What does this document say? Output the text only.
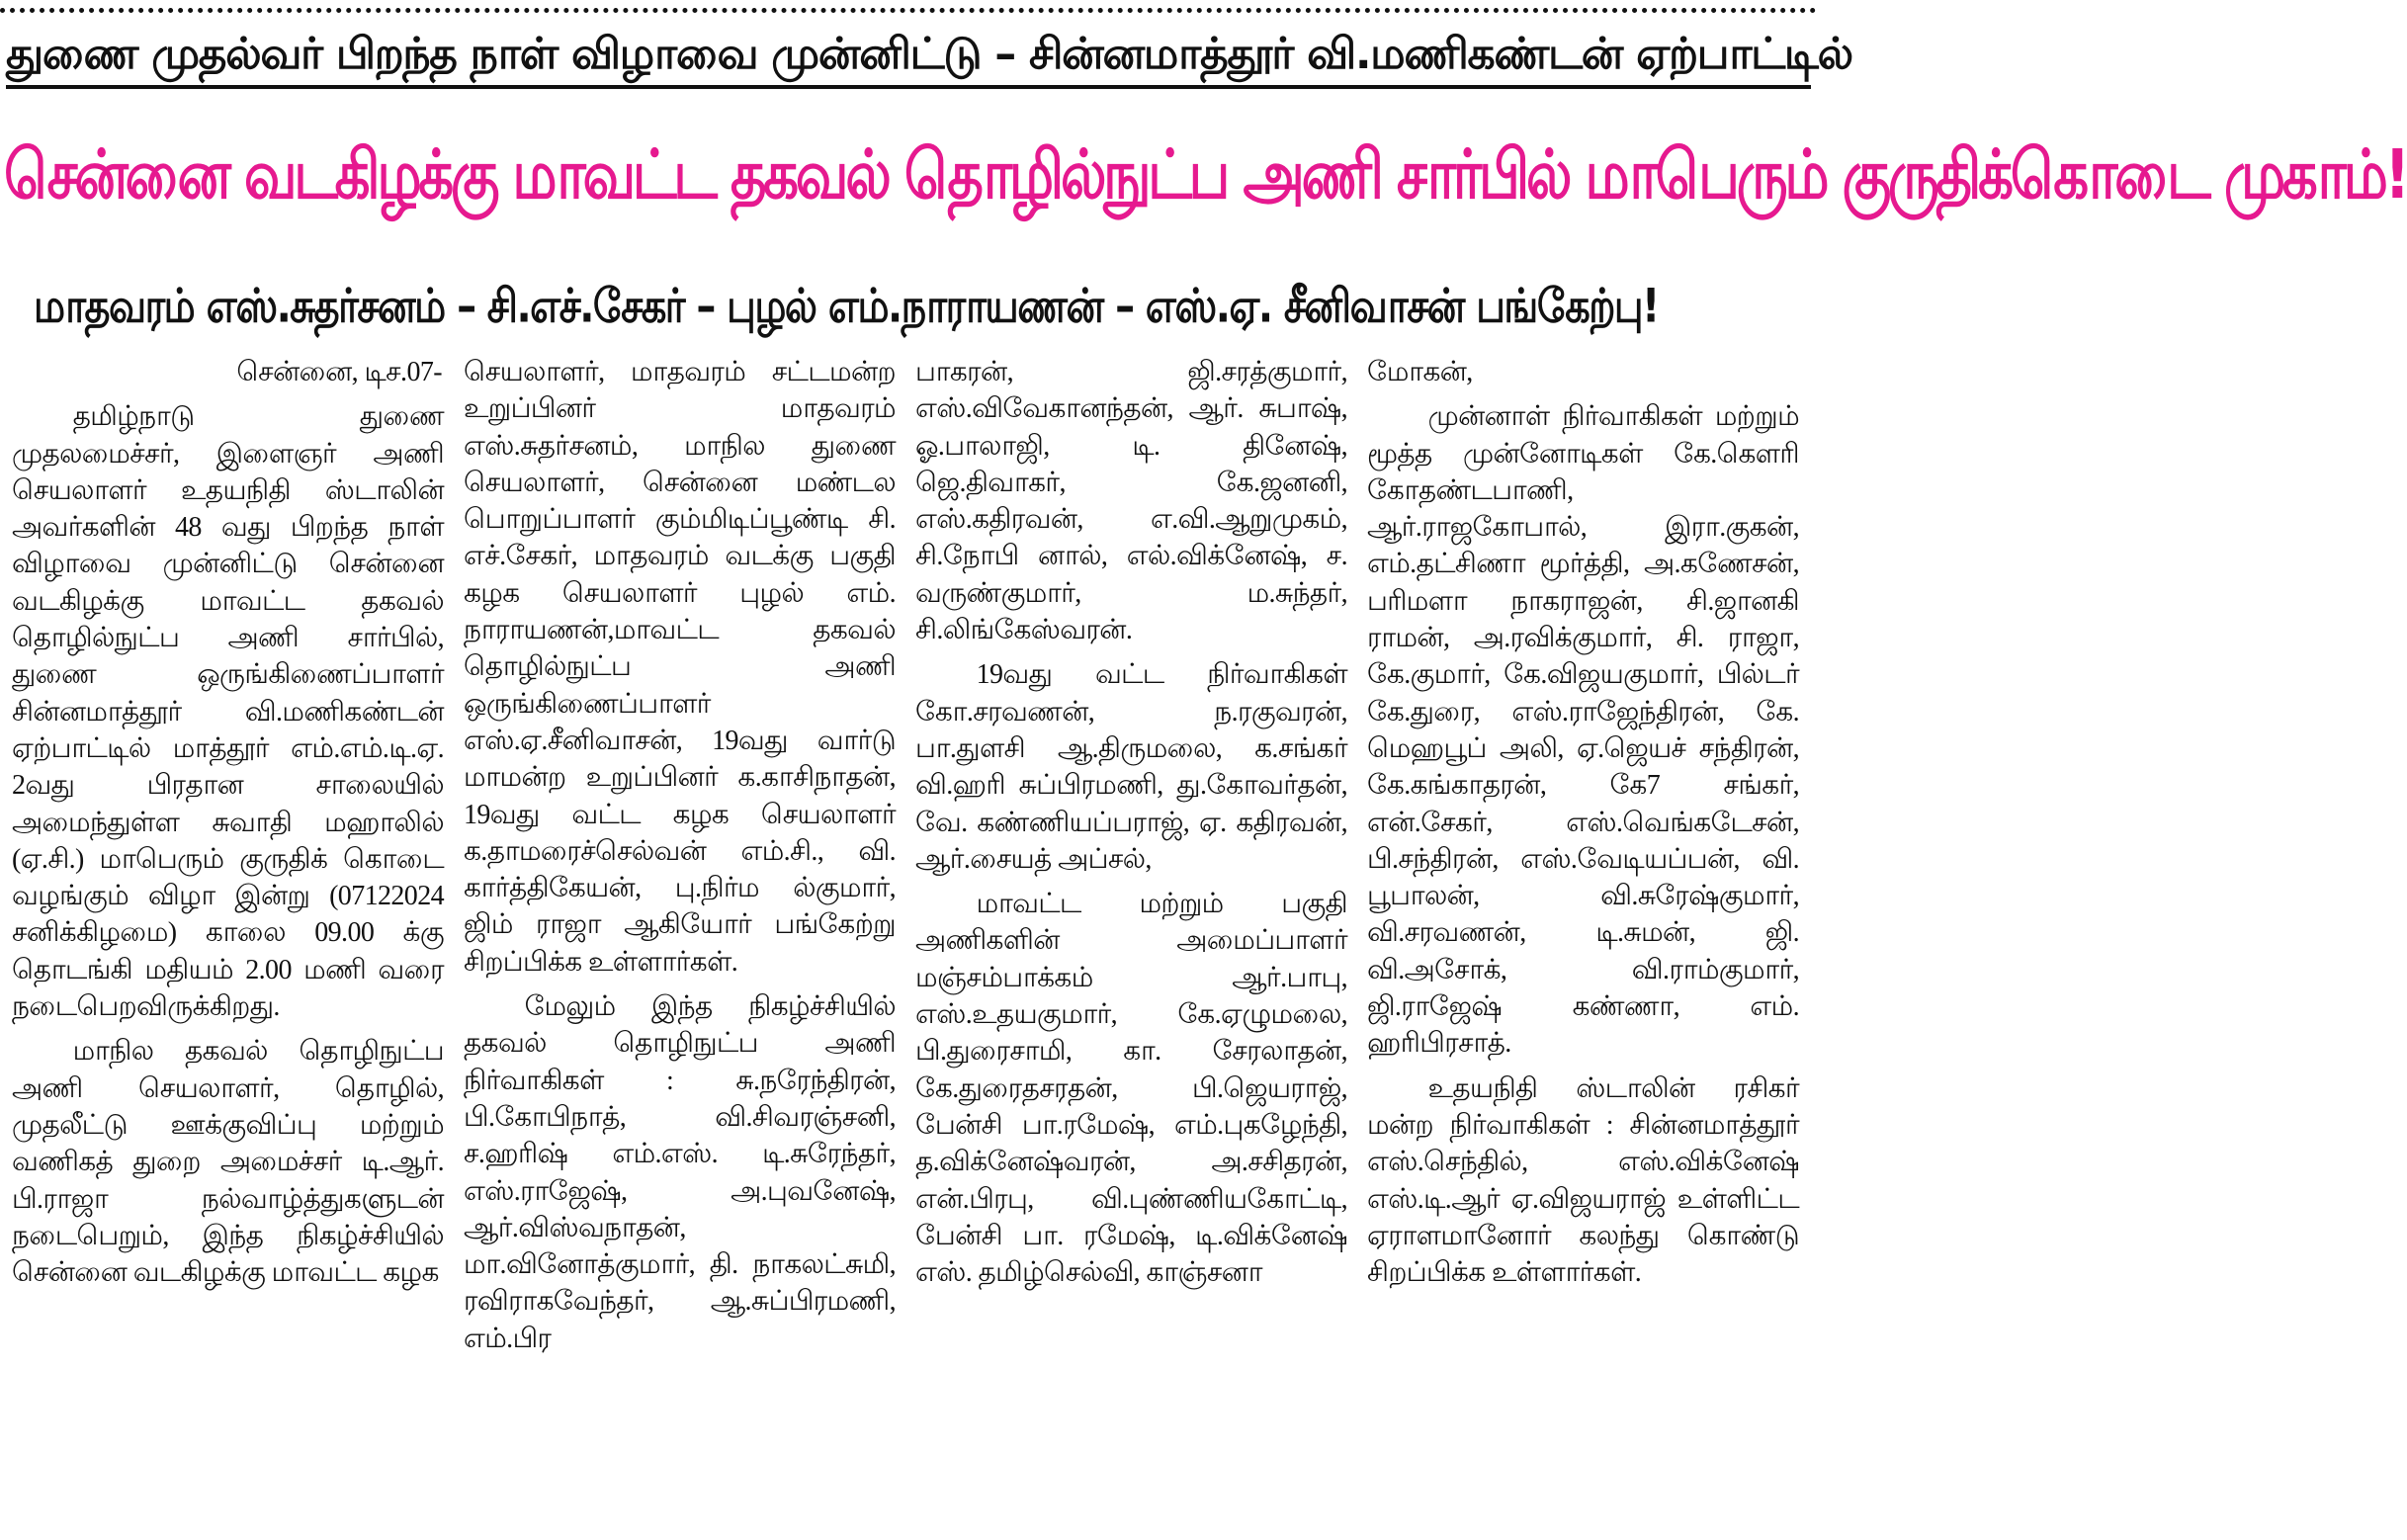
துணை முதல்வர் பிறந்த நாள் விழாவை முன்னிட்டு – சின்னமாத்தூர் வி.மணிகண்டன் ஏற்பாட்டில்
சென்னை வடகிழக்கு மாவட்ட தகவல் தொழில்நுட்ப அணி சார்பில் மாபெரும் குருதிக்கொடை முகாம்!
மாதவரம் எஸ்.சுதர்சனம் – சி.எச்.சேகர் – புழல் எம்.நாராயணன் – எஸ்.ஏ. சீனிவாசன் பங்கேற்பு!

சென்னை, டிச.07-

தமிழ்நாடு துணை முதலமைச்சர், இளைஞர் அணி செயலாளர் உதயநிதி ஸ்டாலின் அவர்களின் 48 வது பிறந்த நாள் விழாவை முன்னிட்டு சென்னை வடகிழக்கு மாவட்ட தகவல் தொழில்நுட்ப அணி சார்பில், துணை ஒருங்கிணைப்பாளர் சின்னமாத்தூர் வி.மணிகண்டன் ஏற்பாட்டில் மாத்தூர் எம்.எம்.டி.ஏ. 2வது பிரதான சாலையில் அமைந்துள்ள சுவாதி மஹாலில் (ஏ.சி.) மாபெரும் குருதிக் கொடை வழங்கும் விழா இன்று (07122024 சனிக்கிழமை) காலை 09.00 க்கு தொடங்கி மதியம் 2.00 மணி வரை நடைபெறவிருக்கிறது.

மாநில தகவல் தொழிநுட்ப அணி செயலாளர், தொழில், முதலீட்டு ஊக்குவிப்பு மற்றும் வணிகத் துறை அமைச்சர் டி.ஆர். பி.ராஜா நல்வாழ்த்துகளுடன் நடைபெறும், இந்த நிகழ்ச்சியில் சென்னை வடகிழக்கு மாவட்ட கழக

செயலாளர், மாதவரம் சட்டமன்ற உறுப்பினர் மாதவரம் எஸ்.சுதர்சனம், மாநில துணை செயலாளர், சென்னை மண்டல பொறுப்பாளர் கும்மிடிப்பூண்டி சி. எச்.சேகர், மாதவரம் வடக்கு பகுதி கழக செயலாளர் புழல் எம். நாராயணன்,மாவட்ட தகவல் தொழில்நுட்ப அணி ஒருங்கிணைப்பாளர் எஸ்.ஏ.சீனிவாசன், 19வது வார்டு மாமன்ற உறுப்பினர் க.காசிநாதன், 19வது வட்ட கழக செயலாளர் க.தாமரைச்செல்வன் எம்.சி., வி. கார்த்திகேயன், பு.நிர்ம ல்குமார், ஜிம் ராஜா ஆகியோர் பங்கேற்று சிறப்பிக்க உள்ளார்கள்.

மேலும் இந்த நிகழ்ச்சியில் தகவல் தொழிநுட்ப அணி நிர்வாகிகள் : சு.நரேந்திரன், பி.கோபிநாத், வி.சிவரஞ்சனி, ச.ஹரிஷ் எம்.எஸ். டி.சுரேந்தர், எஸ்.ராஜேஷ், அ.புவனேஷ், ஆர்.விஸ்வநாதன், மா.வினோத்குமார், தி. நாகலட்சுமி, ரவிராகவேந்தர், ஆ.சுப்பிரமணி, எம்.பிர

பாகரன், ஜி.சரத்குமார், எஸ்.விவேகானந்தன், ஆர். சுபாஷ், ஓ.பாலாஜி, டி. தினேஷ், ஜெ.திவாகர், கே.ஜனனி, எஸ்.கதிரவன், எ.வி.ஆறுமுகம், சி.நோபி னால், எல்.விக்னேஷ், ச. வருண்குமார், ம.சுந்தர், சி.லிங்கேஸ்வரன்.

19வது வட்ட நிர்வாகிகள் கோ.சரவணன், ந.ரகுவரன், பா.துளசி ஆ.திருமலை, க.சங்கர் வி.ஹரி சுப்பிரமணி, து.கோவர்தன், வே. கண்ணியப்பராஜ், ஏ. கதிரவன், ஆர்.சையத் அப்சல்,

மாவட்ட மற்றும் பகுதி அணிகளின் அமைப்பாளர் மஞ்சம்பாக்கம் ஆர்.பாபு, எஸ்.உதயகுமார், கே.ஏழுமலை, பி.துரைசாமி, கா. சேரலாதன், கே.துரைதசரதன், பி.ஜெயராஜ், பேன்சி பா.ரமேஷ், எம்.புகழேந்தி, த.விக்னேஷ்வரன், அ.சசிதரன், என்.பிரபு, வி.புண்ணியகோட்டி, பேன்சி பா. ரமேஷ், டி.விக்னேஷ் எஸ். தமிழ்செல்வி, காஞ்சனா

மோகன்,

முன்னாள் நிர்வாகிகள் மற்றும் மூத்த முன்னோடிகள் கே.கெளரி கோதண்டபாணி, ஆர்.ராஜகோபால், இரா.குகன், எம்.தட்சிணா மூர்த்தி, அ.கணேசன், பரிமளா நாகராஜன், சி.ஜானகி ராமன், அ.ரவிக்குமார், சி. ராஜா, கே.குமார், கே.விஜயகுமார், பில்டர் கே.துரை, எஸ்.ராஜேந்திரன், கே. மெஹபூப் அலி, ஏ.ஜெயச் சந்திரன், கே.கங்காதரன், கே7 சங்கர், என்.சேகர், எஸ்.வெங்கடேசன், பி.சந்திரன், எஸ்.வேடியப்பன், வி. பூபாலன், வி.சுரேஷ்குமார், வி.சரவணன், டி.சுமன், ஜி. வி.அசோக், வி.ராம்குமார், ஜி.ராஜேஷ் கண்ணா, எம். ஹரிபிரசாத்.

உதயநிதி ஸ்டாலின் ரசிகர் மன்ற நிர்வாகிகள் : சின்னமாத்தூர் எஸ்.செந்தில், எஸ்.விக்னேஷ் எஸ்.டி.ஆர் ஏ.விஜயராஜ் உள்ளிட்ட ஏராளமானோர் கலந்து கொண்டு சிறப்பிக்க உள்ளார்கள்.
